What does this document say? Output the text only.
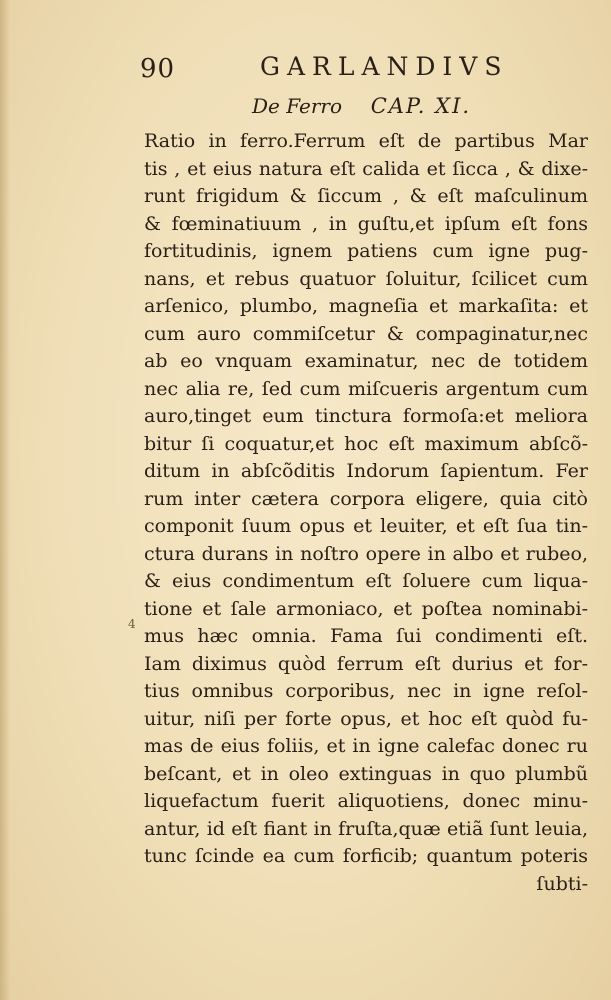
90	GARLANDIVS
De Ferro CAP. XI.
4
Ratio in ferro.Ferrum eſt de partibus Mar
tis , et eius natura eſt calida et ſicca , & dixe-
runt frigidum & ſiccum , & eſt maſculinum
& fœminatiuum , in guſtu,et ipſum eſt fons
fortitudinis, ignem patiens cum igne pug-
nans, et rebus quatuor ſoluitur, ſcilicet cum
arſenico, plumbo, magneſia et markaſita: et
cum auro commiſcetur & compaginatur,nec
ab eo vnquam examinatur, nec de totidem
nec alia re, ſed cum miſcueris argentum cum
auro,tinget eum tinctura formoſa:et meliora
bitur ſi coquatur,et hoc eſt maximum abſcõ-
ditum in abſcõditis Indorum ſapientum. Fer
rum inter cætera corpora eligere, quia citò
componit ſuum opus et leuiter, et eſt ſua tin-
ctura durans in noſtro opere in albo et rubeo,
& eius condimentum eſt ſoluere cum liqua-
tione et ſale armoniaco, et poſtea nominabi-
mus hæc omnia. Fama ſui condimenti eſt.
Iam diximus quòd ferrum eſt durius et for-
tius omnibus corporibus, nec in igne reſol-
uitur, niſi per forte opus, et hoc eſt quòd fu-
mas de eius foliis, et in igne calefac donec ru
beſcant, et in oleo extinguas in quo plumbũ
liquefactum fuerit aliquotiens, donec minu-
antur, id eſt fiant in fruſta,quæ etiã ſunt leuia,
tunc ſcinde ea cum forficib; quantum poteris
ſubti-
